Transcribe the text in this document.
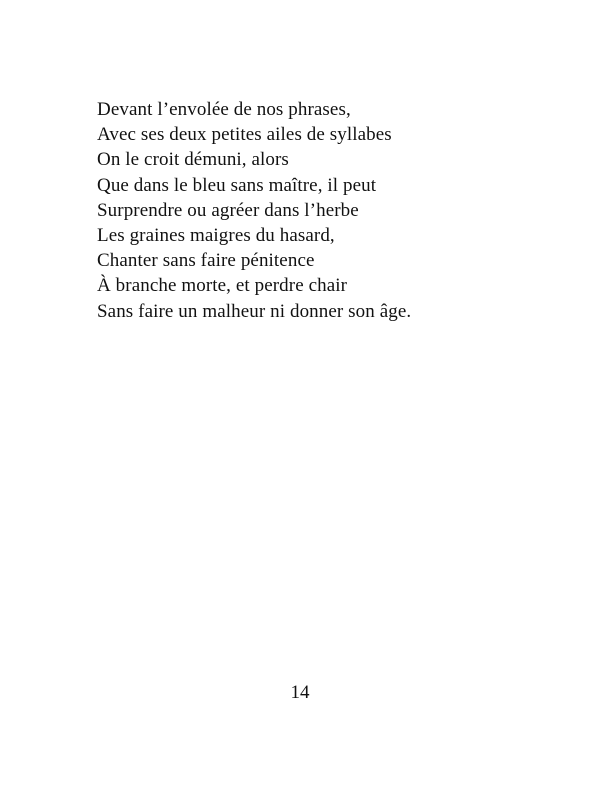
Devant l’envolée de nos phrases,
Avec ses deux petites ailes de syllabes
On le croit démuni, alors
Que dans le bleu sans maître, il peut
Surprendre ou agréer dans l’herbe
Les graines maigres du hasard,
Chanter sans faire pénitence
À branche morte, et perdre chair
Sans faire un malheur ni donner son âge.
14
